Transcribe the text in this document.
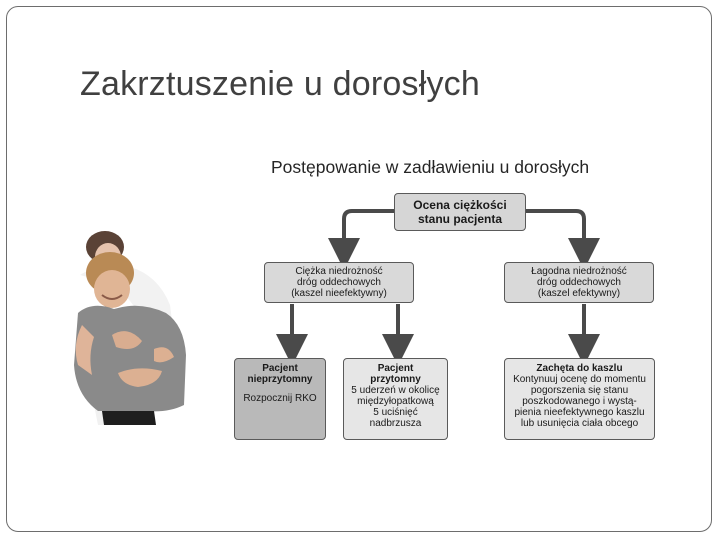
Zakrztuszenie u dorosłych
Postępowanie w zadławieniu u dorosłych
Ocena ciężkości
stanu pacjenta
Ciężka niedrożność
dróg oddechowych
(kaszel nieefektywny)
Łagodna niedrożność
dróg oddechowych
(kaszel efektywny)
Pacjent
nieprzytomny
Rozpocznij RKO
Pacjent
przytomny
5 uderzeń w okolicę
międzyłopatkową
5 uciśnięć
nadbrzusza
Zachęta do kaszlu
Kontynuuj ocenę do momentu
pogorszenia się stanu
poszkodowanego i wystą-
pienia nieefektywnego kaszlu
lub usunięcia ciała obcego
